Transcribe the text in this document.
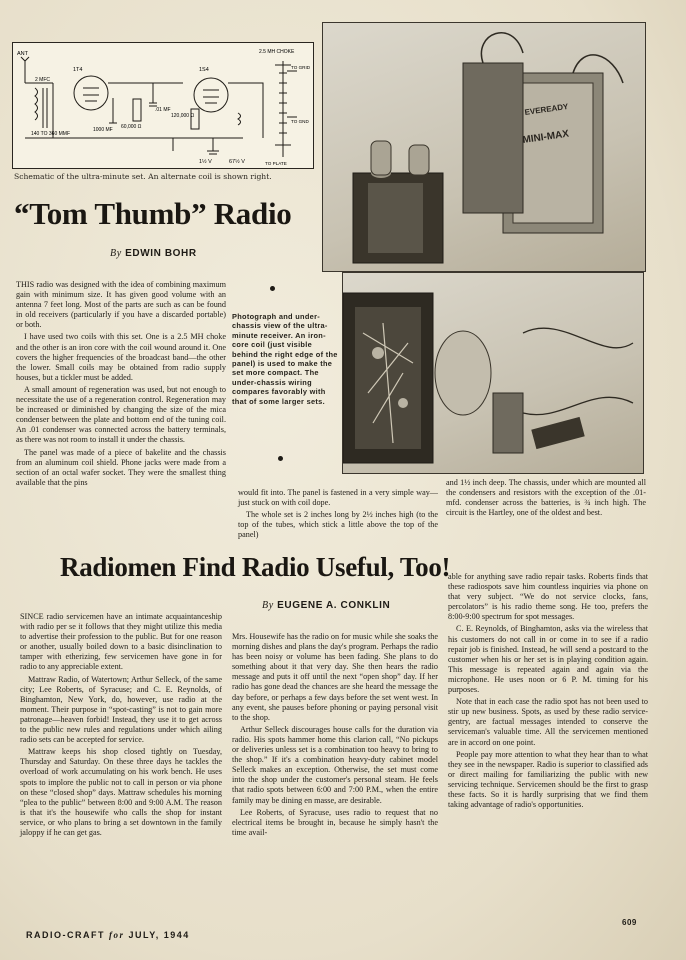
ANT
1T4	1S4
2 MFC
60,000 Ω
120,000 Ω
1000 MF
140 TO 360 MMF
.01 MF
1½ V	67½ V
2.5 MH CHOKE
TO GRID
TO GND
TO PLATE
Schematic of the ultra-minute set. An alternate coil is shown right.
MINI-MAX
EVEREADY
“Tom Thumb” Radio
By EDWIN BOHR
Photograph and under-chassis view of the ultra-minute receiver. An iron-core coil (just visible behind the right edge of the panel) is used to make the set more compact. The under-chassis wiring compares favorably with that of some larger sets.

THIS radio was designed with the idea of combining maximum gain with minimum size. It has given good volume with an antenna 7 feet long. Most of the parts are such as can be found in old receivers (particularly if you have a discarded portable) or both.

I have used two coils with this set. One is a 2.5 MH choke and the other is an iron core with the coil wound around it. One covers the higher frequencies of the broadcast band—the other the lower. Small coils may be obtained from radio supply houses, but a tickler must be added.

A small amount of regeneration was used, but not enough to necessitate the use of a regeneration control. Regeneration may be increased or diminished by changing the size of the mica condenser between the plate and bottom end of the tuning coil. An .01 condenser was connected across the battery terminals, as there was not room to install it under the chassis.

The panel was made of a piece of bakelite and the chassis from an aluminum coil shield. Phone jacks were made from a section of an octal wafer socket. They were the smallest thing available that the pins

would fit into. The panel is fastened in a very simple way—just stuck on with coil dope.

The whole set is 2 inches long by 2½ inches high (to the top of the tubes, which stick a little above the top of the panel)

and 1½ inch deep. The chassis, under which are mounted all the condensers and resistors with the exception of the .01-mfd. condenser across the batteries, is ¾ inch high. The circuit is the Hartley, one of the oldest and best.

Radiomen Find Radio Useful, Too!
By EUGENE A. CONKLIN

SINCE radio servicemen have an intimate acquaintanceship with radio per se it follows that they might utilize this media to advertise their profession to the public. But for one reason or another, usually boiled down to a basic disinclination to tamper with etherizing, few servicemen have gone in for radio to any appreciable extent.

Mattraw Radio, of Watertown; Arthur Selleck, of the same city; Lee Roberts, of Syracuse; and C. E. Reynolds, of Binghamton, New York, do, however, use radio at the moment. Their purpose in “spot-casting” is not to gain more patronage—heaven forbid! Instead, they use it to get across to the public new rules and regulations under which ailing radio sets can be accepted for service.

Mattraw keeps his shop closed tightly on Tuesday, Thursday and Saturday. On these three days he tackles the overload of work accumulating on his work bench. He uses spots to implore the public not to call in person or via phone on these “closed shop” days. Mattraw schedules his morning “plea to the public” between 8:00 and 9:00 A.M. The reason is that it's the housewife who calls the shop for instant service, or who plans to bring a set downtown in the family jaloppy if he can get gas.

Mrs. Housewife has the radio on for music while she soaks the morning dishes and plans the day's program. Perhaps the radio has been noisy or volume has been fading. She plans to do something about it that very day. She then hears the radio message and puts it off until the next “open shop” day. If her radio has gone dead the chances are she heard the message the day before, or perhaps a few days before the set went west. In any event, she pauses before phoning or paying personal visit to the shop.

Arthur Selleck discourages house calls for the duration via radio. His spots hammer home this clarion call, “No pickups or deliveries unless set is a combination too heavy to bring to the shop.” If it's a combination heavy-duty cabinet model Selleck makes an exception. Otherwise, the set must come into the shop under the customer's personal steam. He feels that radio spots between 6:00 and 7:00 P.M., when the entire family may be dining en masse, are desirable.

Lee Roberts, of Syracuse, uses radio to request that no electrical items be brought in, because he simply hasn't the time avail-

able for anything save radio repair tasks. Roberts finds that these radiospots save him countless inquiries via phone on that very subject. “We do not service clocks, fans, percolators” is his radio theme song. He too, prefers the 8:00-9:00 spectrum for spot messages.

C. E. Reynolds, of Binghamton, asks via the wireless that his customers do not call in or come in to see if a radio repair job is finished. Instead, he will send a postcard to the customer when his or her set is in playing condition again. This message is repeated again and again via the microphone. He uses noon or 6 P. M. timing for his purposes.

Note that in each case the radio spot has not been used to stir up new business. Spots, as used by these radio service-gentry, are factual messages intended to conserve the serviceman's valuable time. All the servicemen mentioned are in accord on one point.

People pay more attention to what they hear than to what they see in the newspaper. Radio is superior to classified ads or direct mailing for familiarizing the public with new servicing technique. Servicemen should be the first to grasp these facts. So it is hardly surprising that we find them taking advantage of radio's opportunities.

RADIO-CRAFT for JULY, 1944
609
